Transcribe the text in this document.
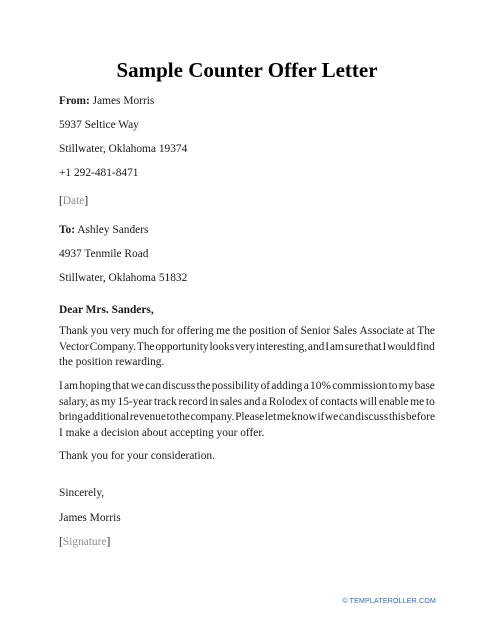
Sample Counter Offer Letter
From: James Morris
5937 Seltice Way
Stillwater, Oklahoma 19374
+1 292-481-8471
[Date]
To: Ashley Sanders
4937 Tenmile Road
Stillwater, Oklahoma 51832
Dear Mrs. Sanders,
Thank you very much for offering me the position of Senior Sales Associate at The
Vector Company. The opportunity looks very interesting, and I am sure that I would find
the position rewarding.
I am hoping that we can discuss the possibility of adding a 10% commission to my base
salary, as my 15-year track record in sales and a Rolodex of contacts will enable me to
bring additional revenue to the company. Please let me know if we can discuss this before
I make a decision about accepting your offer.
Thank you for your consideration.
Sincerely,
James Morris
[Signature]
© TEMPLATEROLLER.COM
